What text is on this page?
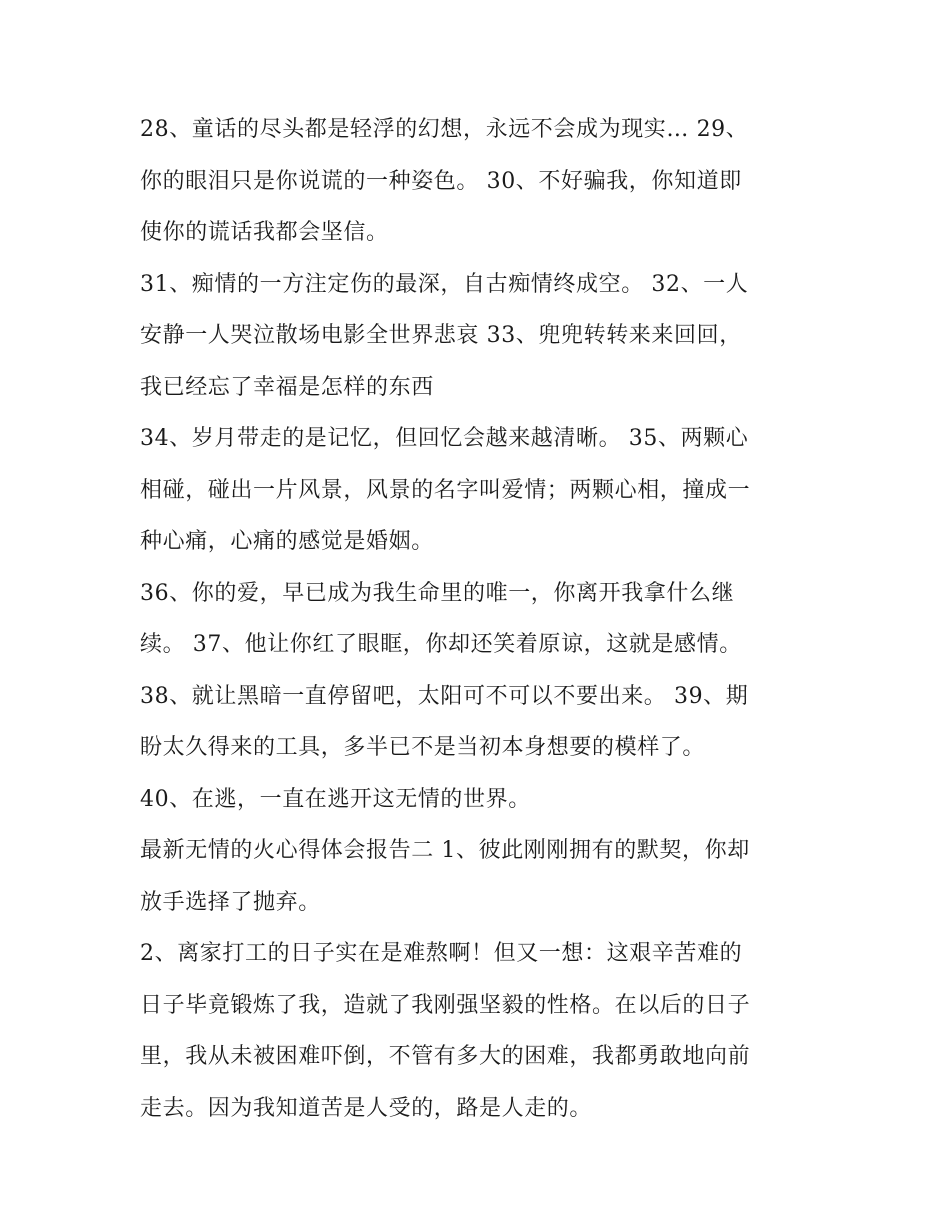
28、童话的尽头都是轻浮的幻想，永远不会成为现实… 29、
你的眼泪只是你说谎的一种姿色。 30、不好骗我，你知道即
使你的谎话我都会坚信。

31、痴情的一方注定伤的最深，自古痴情终成空。 32、一人
安静一人哭泣散场电影全世界悲哀 33、兜兜转转来来回回，
我已经忘了幸福是怎样的东西

34、岁月带走的是记忆，但回忆会越来越清晰。 35、两颗心
相碰，碰出一片风景，风景的名字叫爱情；两颗心相，撞成一
种心痛，心痛的感觉是婚姻。

36、你的爱，早已成为我生命里的唯一，你离开我拿什么继
续。 37、他让你红了眼眶，你却还笑着原谅，这就是感情。

38、就让黑暗一直停留吧，太阳可不可以不要出来。 39、期
盼太久得来的工具，多半已不是当初本身想要的模样了。

40、在逃，一直在逃开这无情的世界。

最新无情的火心得体会报告二 1、彼此刚刚拥有的默契，你却
放手选择了抛弃。

2、离家打工的日子实在是难熬啊！但又一想：这艰辛苦难的
日子毕竟锻炼了我，造就了我刚强坚毅的性格。在以后的日子
里，我从未被困难吓倒，不管有多大的困难，我都勇敢地向前
走去。因为我知道苦是人受的，路是人走的。
